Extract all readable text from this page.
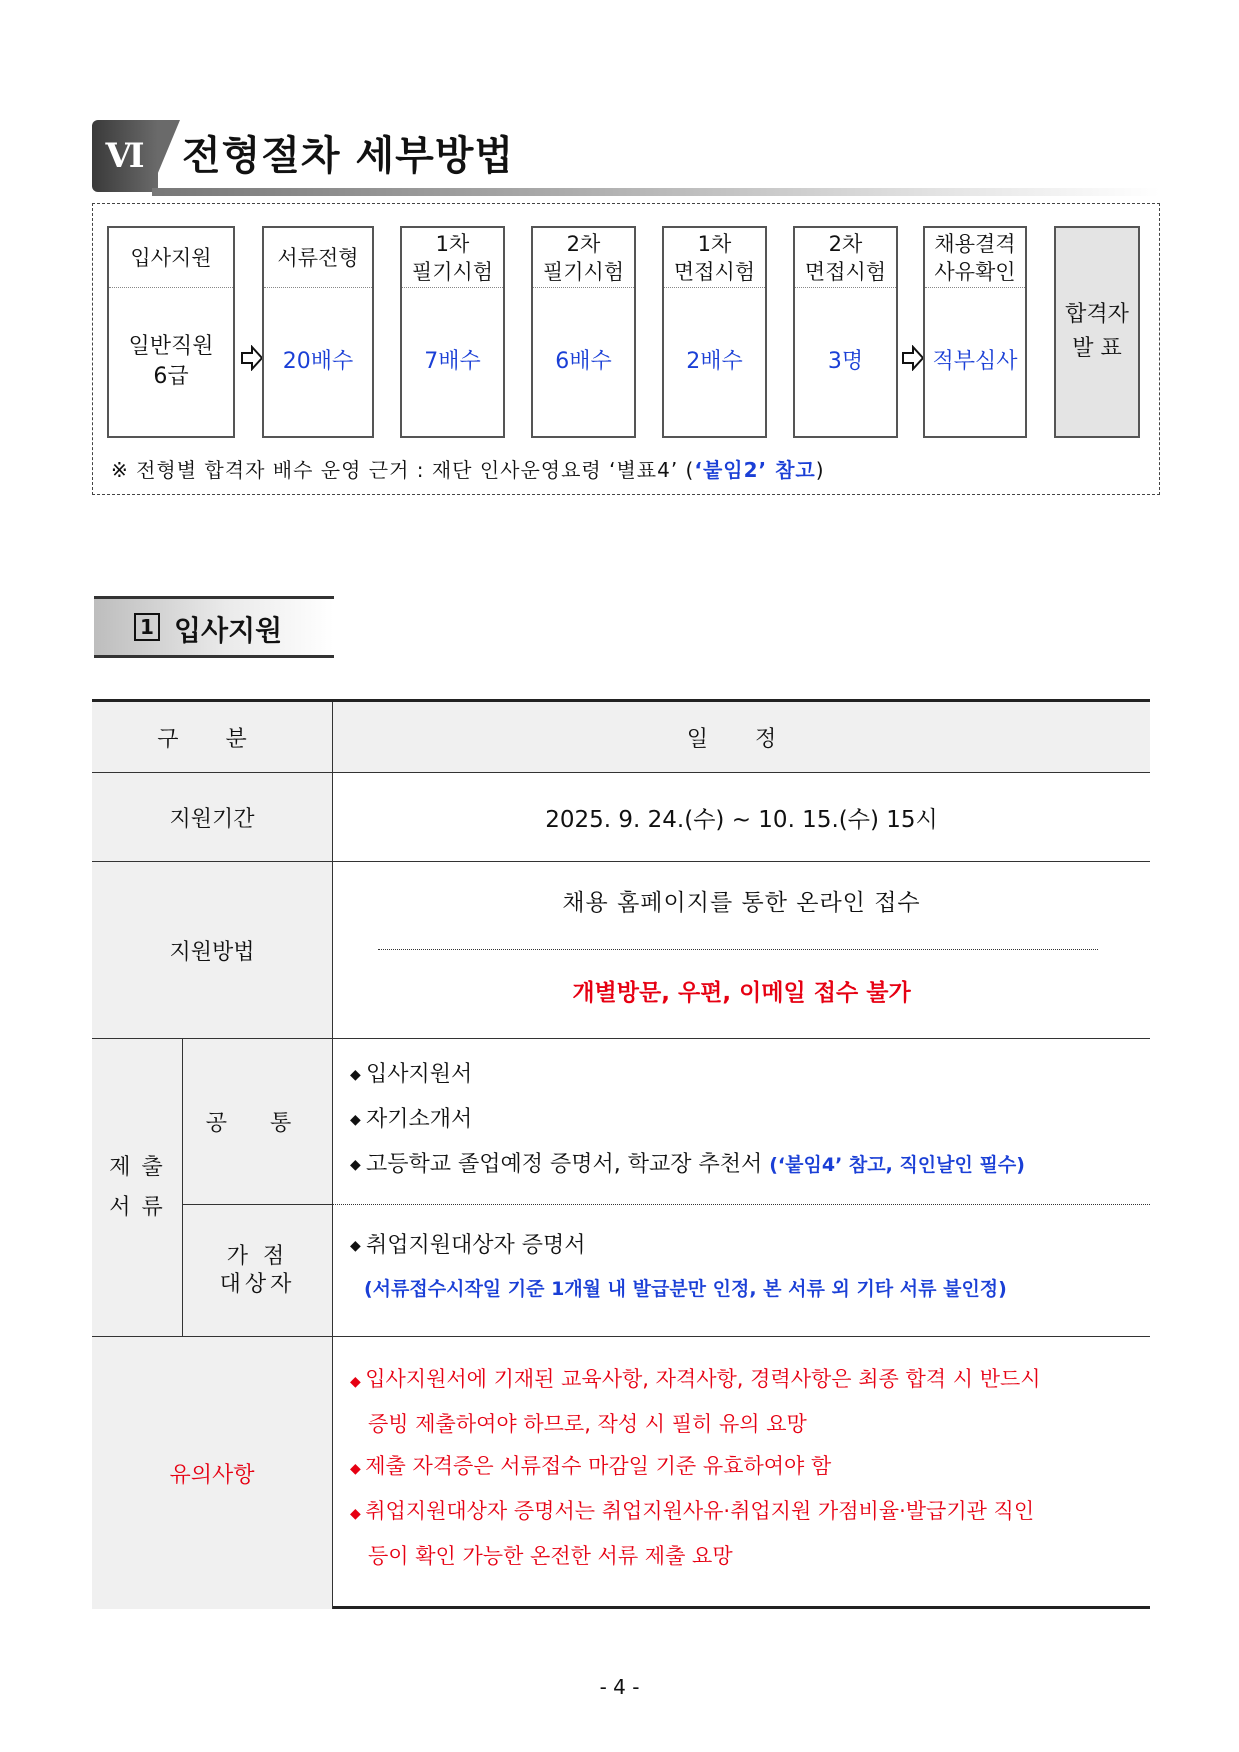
Ⅵ 전형절차 세부방법
입사지원
일반직원
6급
서류전형
20배수
1차
필기시험
7배수
2차
필기시험
6배수
1차
면접시험
2배수
2차
면접시험
3명
채용결격
사유확인
적부심사
합격자
발 표
※ 전형별 합격자 배수 운영 근거 : 재단 인사운영요령 ‘별표4’ (‘붙임2’ 참고)
1 입사지원
구 분	일 정
지원기간	2025. 9. 24.(수) ~ 10. 15.(수) 15시
지원방법
채용 홈페이지를 통한 온라인 접수
개별방문, 우편, 이메일 접수 불가
제 출
서 류
공 통
가 점
대상자
◆ 입사지원서
◆ 자기소개서
◆ 고등학교 졸업예정 증명서, 학교장 추천서 (‘붙임4’ 참고, 직인날인 필수)
◆ 취업지원대상자 증명서
(서류접수시작일 기준 1개월 내 발급분만 인정, 본 서류 외 기타 서류 불인정)
유의사항
◆ 입사지원서에 기재된 교육사항, 자격사항, 경력사항은 최종 합격 시 반드시
증빙 제출하여야 하므로, 작성 시 필히 유의 요망
◆ 제출 자격증은 서류접수 마감일 기준 유효하여야 함
◆ 취업지원대상자 증명서는 취업지원사유·취업지원 가점비율·발급기관 직인
등이 확인 가능한 온전한 서류 제출 요망
- 4 -
